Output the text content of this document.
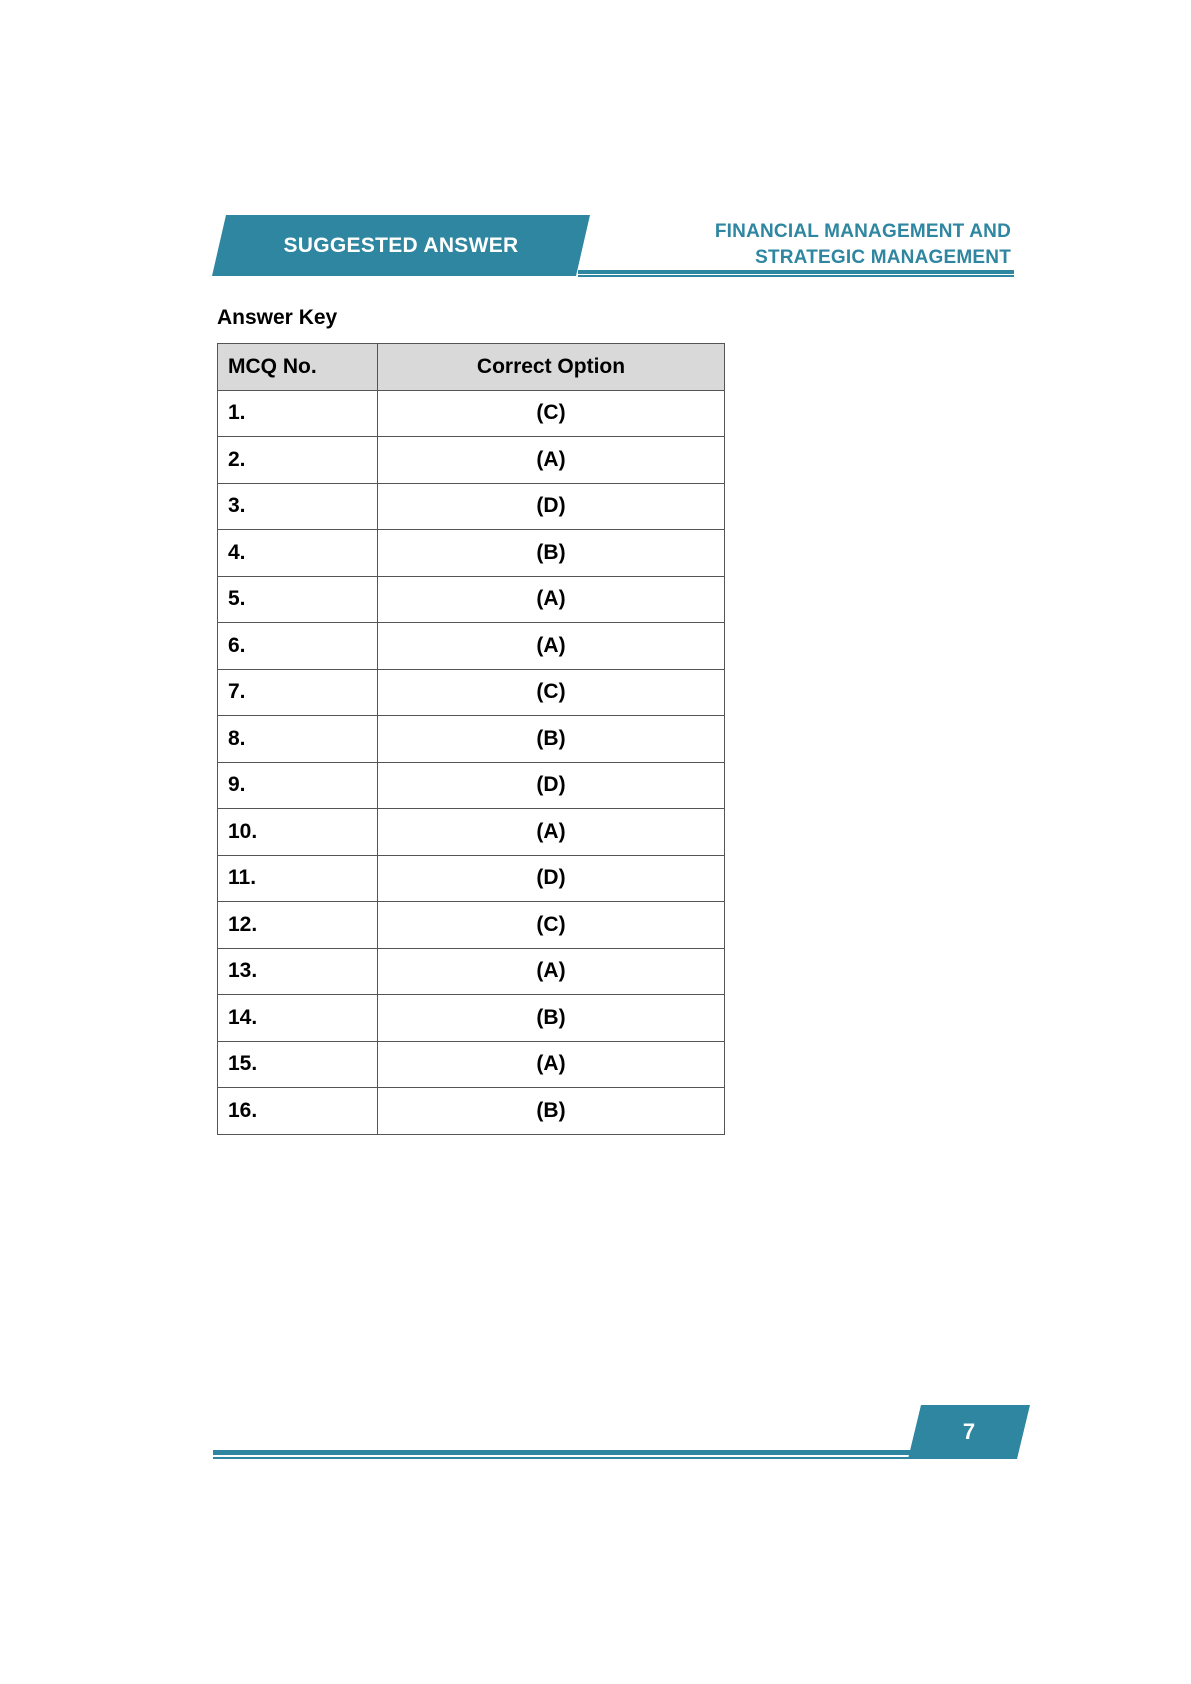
SUGGESTED ANSWER
FINANCIAL MANAGEMENT AND
STRATEGIC MANAGEMENT
Answer Key
MCQ No.	Correct Option
1.	(C)
2.	(A)
3.	(D)
4.	(B)
5.	(A)
6.	(A)
7.	(C)
8.	(B)
9.	(D)
10.	(A)
11.	(D)
12.	(C)
13.	(A)
14.	(B)
15.	(A)
16.	(B)
7
